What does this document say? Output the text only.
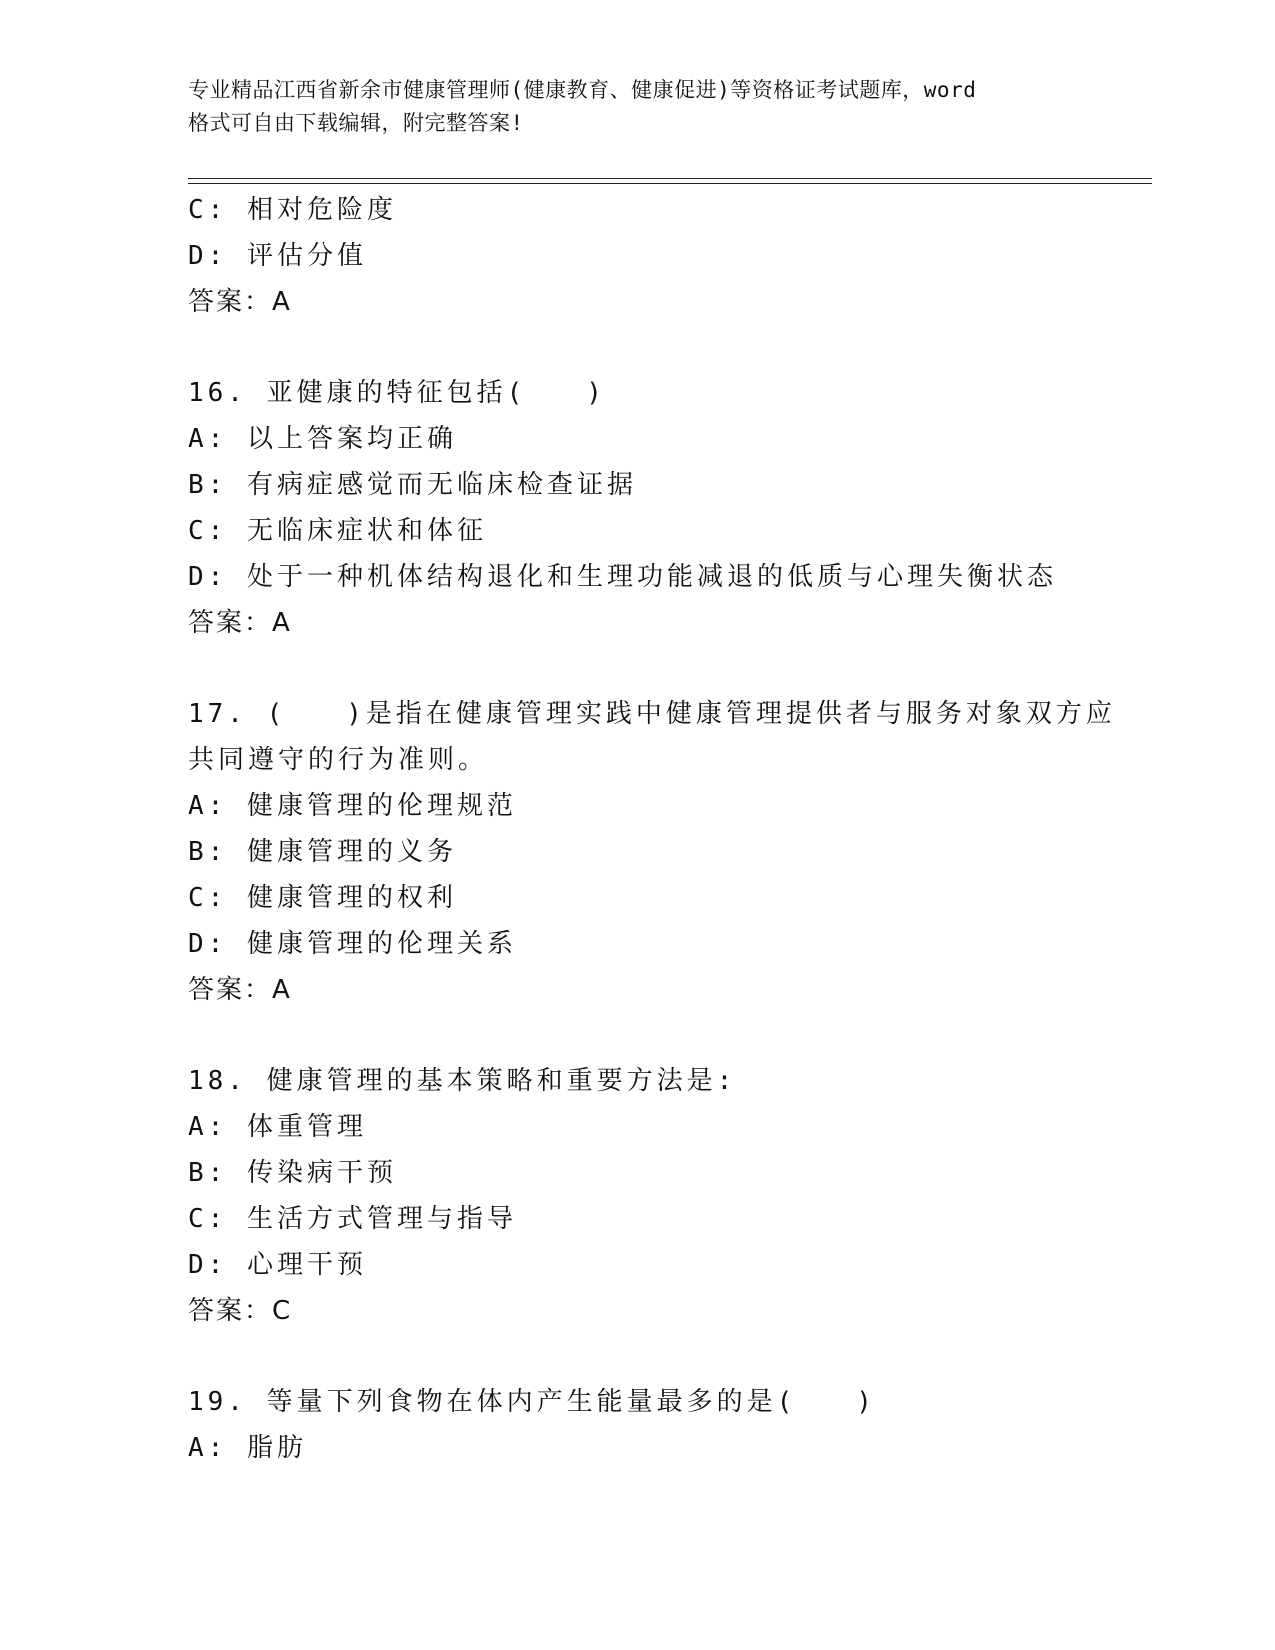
专业精品江西省新余市健康管理师(健康教育、健康促进)等资格证考试题库，word
格式可自由下载编辑，附完整答案!
C: 相对危险度
D: 评估分值
答案：A
16. 亚健康的特征包括(　　)
A: 以上答案均正确
B: 有病症感觉而无临床检查证据
C: 无临床症状和体征
D: 处于一种机体结构退化和生理功能减退的低质与心理失衡状态
答案：A
17. (　　)是指在健康管理实践中健康管理提供者与服务对象双方应
共同遵守的行为准则。
A: 健康管理的伦理规范
B: 健康管理的义务
C: 健康管理的权利
D: 健康管理的伦理关系
答案：A
18. 健康管理的基本策略和重要方法是:
A: 体重管理
B: 传染病干预
C: 生活方式管理与指导
D: 心理干预
答案：C
19. 等量下列食物在体内产生能量最多的是(　　)
A: 脂肪
